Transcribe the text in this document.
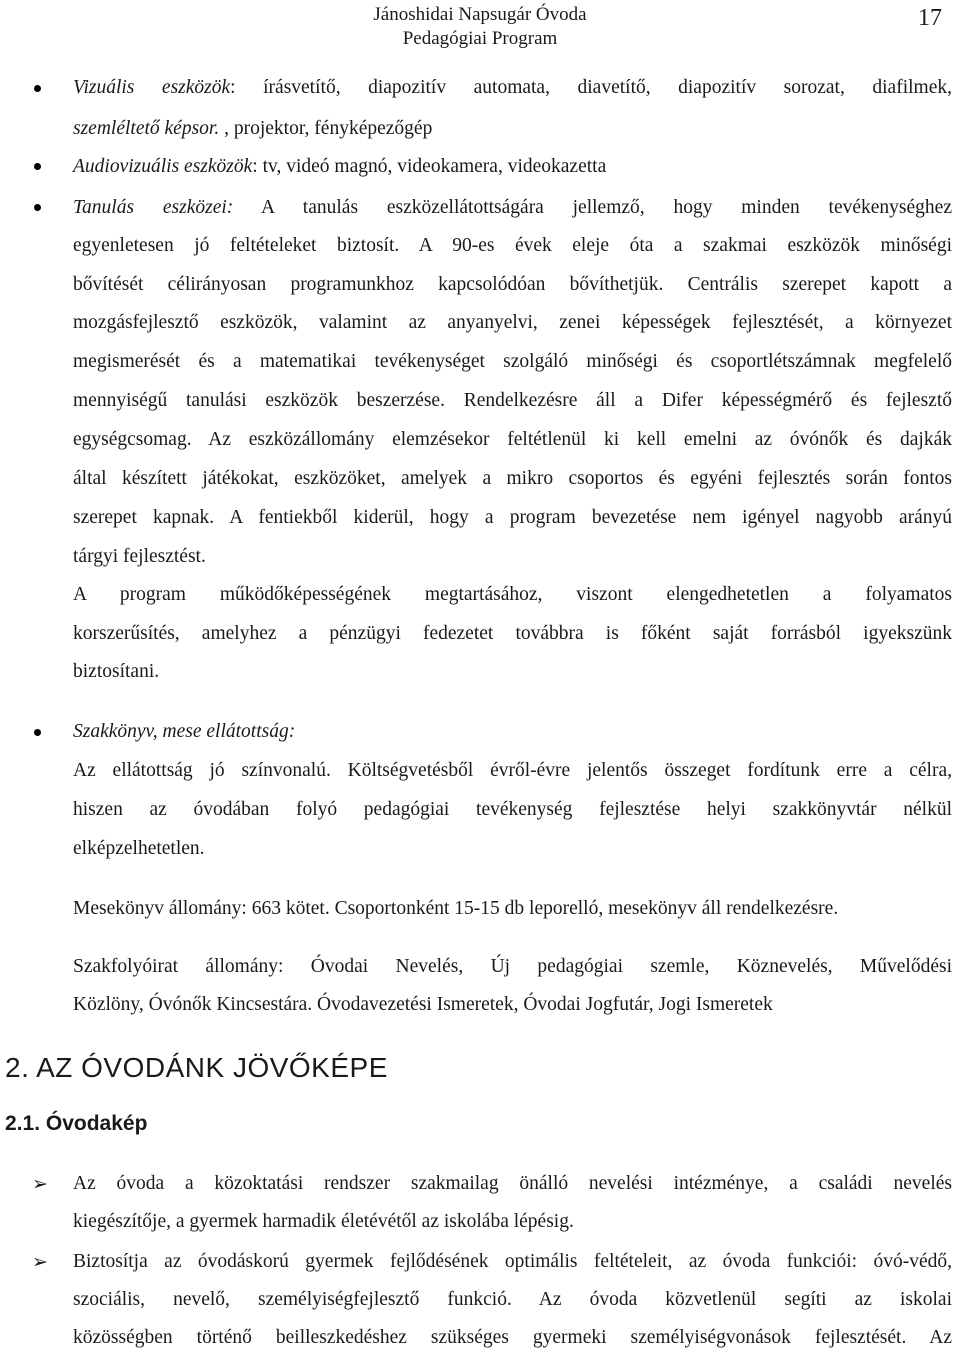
Jánoshidai Napsugár Óvoda
Pedagógiai Program
17
Vizuális eszközök: írásvetítő, diapozitív automata, diavetítő, diapozitív sorozat, diafilmek,
szemléltető képsor. , projektor, fényképezőgép
Audiovizuális eszközök: tv, videó magnó, videokamera, videokazetta
Tanulás eszközei: A tanulás eszközellátottságára jellemző, hogy minden tevékenységhez
egyenletesen jó feltételeket biztosít. A 90-es évek eleje óta a szakmai eszközök minőségi
bővítését célirányosan programunkhoz kapcsolódóan bővíthetjük. Centrális szerepet kapott a
mozgásfejlesztő eszközök, valamint az anyanyelvi, zenei képességek fejlesztését, a környezet
megismerését és a matematikai tevékenységet szolgáló minőségi és csoportlétszámnak megfelelő
mennyiségű tanulási eszközök beszerzése. Rendelkezésre áll a Difer képességmérő és fejlesztő
egységcsomag. Az eszközállomány elemzésekor feltétlenül ki kell emelni az óvónők és dajkák
által készített játékokat, eszközöket, amelyek a mikro csoportos és egyéni fejlesztés során fontos
szerepet kapnak. A fentiekből kiderül, hogy a program bevezetése nem igényel nagyobb arányú
tárgyi fejlesztést.
A program működőképességének megtartásához, viszont elengedhetetlen a folyamatos
korszerűsítés, amelyhez a pénzügyi fedezetet továbbra is főként saját forrásból igyekszünk
biztosítani.
Szakkönyv, mese ellátottság:
Az ellátottság jó színvonalú. Költségvetésből évről-évre jelentős összeget fordítunk erre a célra,
hiszen az óvodában folyó pedagógiai tevékenység fejlesztése helyi szakkönyvtár nélkül
elképzelhetetlen.
Mesekönyv állomány: 663 kötet. Csoportonként 15-15 db leporelló, mesekönyv áll rendelkezésre.
Szakfolyóirat állomány: Óvodai Nevelés, Új pedagógiai szemle, Köznevelés, Művelődési
Közlöny, Óvónők Kincsestára. Óvodavezetési Ismeretek, Óvodai Jogfutár, Jogi Ismeretek
2. AZ ÓVODÁNK JÖVŐKÉPE
2.1. Óvodakép
➢ Az óvoda a közoktatási rendszer szakmailag önálló nevelési intézménye, a családi nevelés
kiegészítője, a gyermek harmadik életévétől az iskolába lépésig.
➢ Biztosítja az óvodáskorú gyermek fejlődésének optimális feltételeit, az óvoda funkciói: óvó-védő,
szociális, nevelő, személyiségfejlesztő funkció. Az óvoda közvetlenül segíti az iskolai
közösségben történő beilleszkedéshez szükséges gyermeki személyiségvonások fejlesztését. Az
